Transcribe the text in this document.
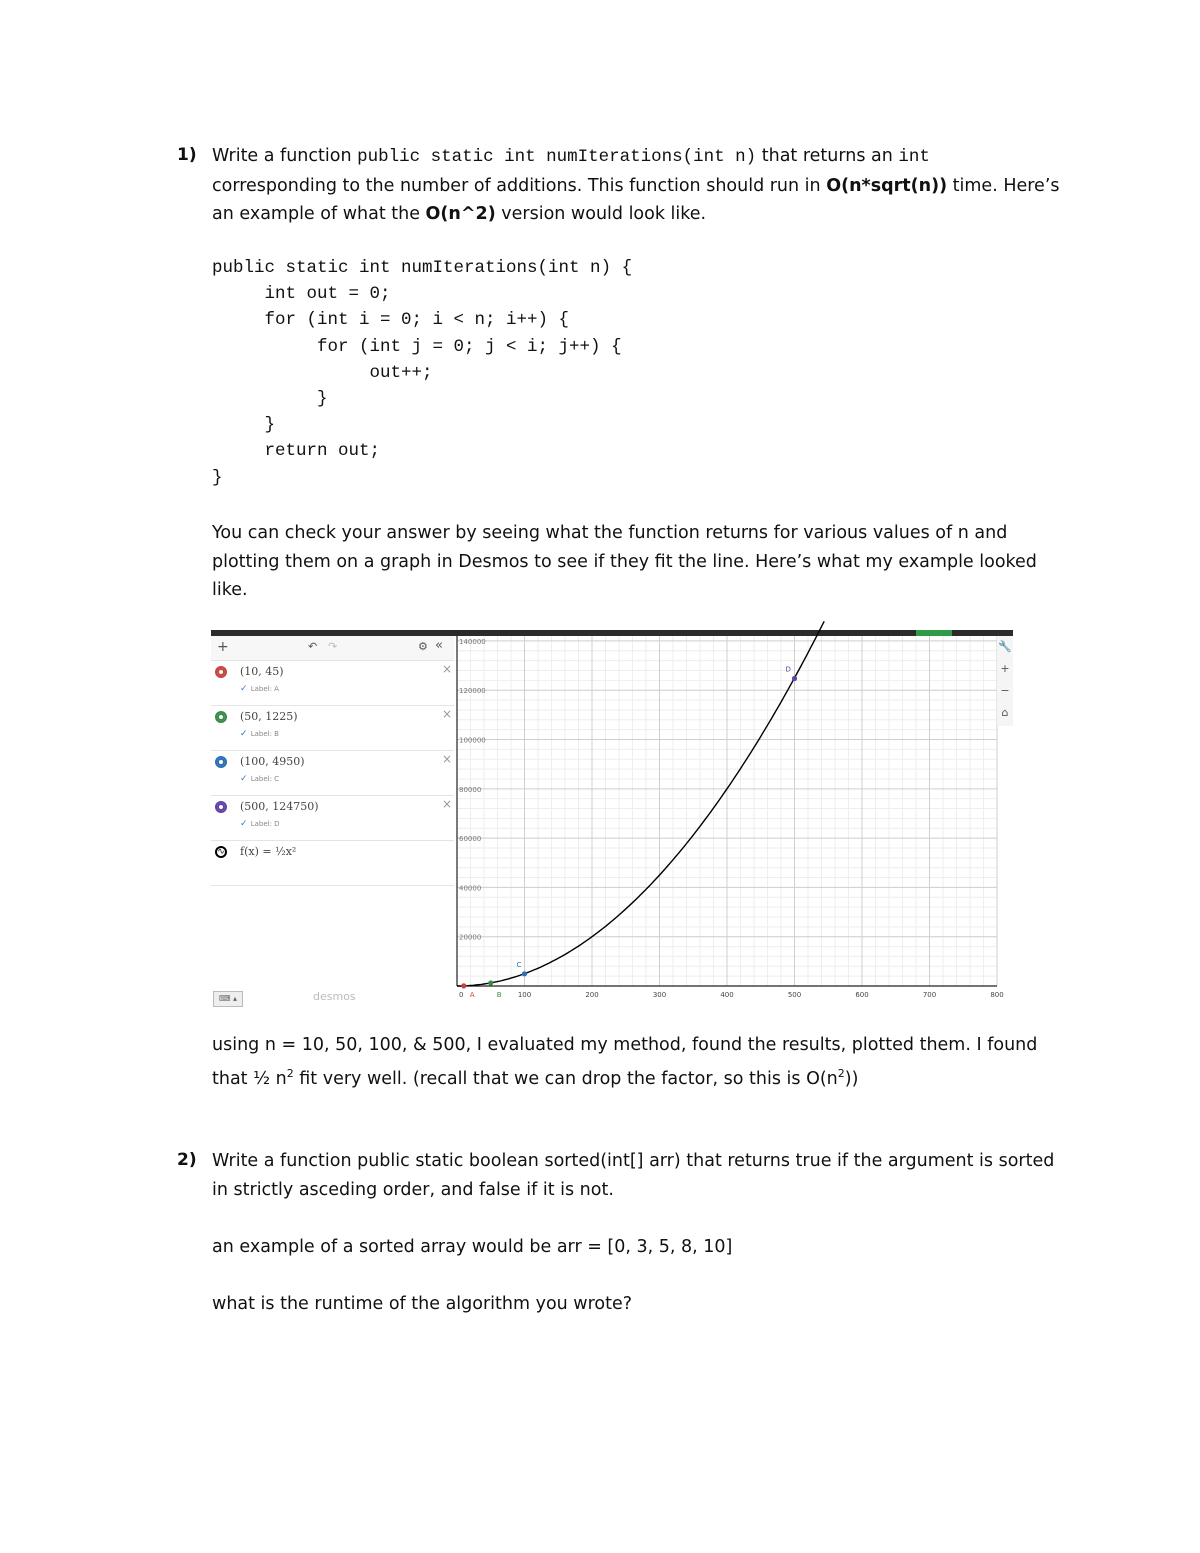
1) Write a function public static int numIterations(int n) that returns an int
corresponding to the number of additions. This function should run in O(n*sqrt(n)) time. Here’s
an example of what the O(n^2) version would look like.
public static int numIterations(int n) {
int out = 0;
for (int i = 0; i < n; i++) {
for (int j = 0; j < i; j++) {
out++;
}
}
return out;
}
You can check your answer by seeing what the function returns for various values of n and plotting them on a graph in Desmos to see if they fit the line. Here’s what my example looked like.
+	↶ ↷	⚙ «
(10, 45)
✓ Label: A
×
(50, 1225)
✓ Label: B
×
(100, 4950)
✓ Label: C
×
(500, 124750)
✓ Label: D
×
∿ f(x) = ½x²
⌨ ▴	desmos	0	100	200	300	400	500	600	700	800
20000
40000
60000
80000
100000
120000
140000
A	B
C
D
🔧
+
−
⌂
using n = 10, 50, 100, & 500, I evaluated my method, found the results, plotted them. I found that ½ $n^2$ fit very well. (recall that we can drop the factor, so this is $O(n^2)$)
2) Write a function public static boolean sorted(int[] arr) that returns true if the argument is sorted in strictly asceding order, and false if it is not.
an example of a sorted array would be arr = [0, 3, 5, 8, 10]
what is the runtime of the algorithm you wrote?
